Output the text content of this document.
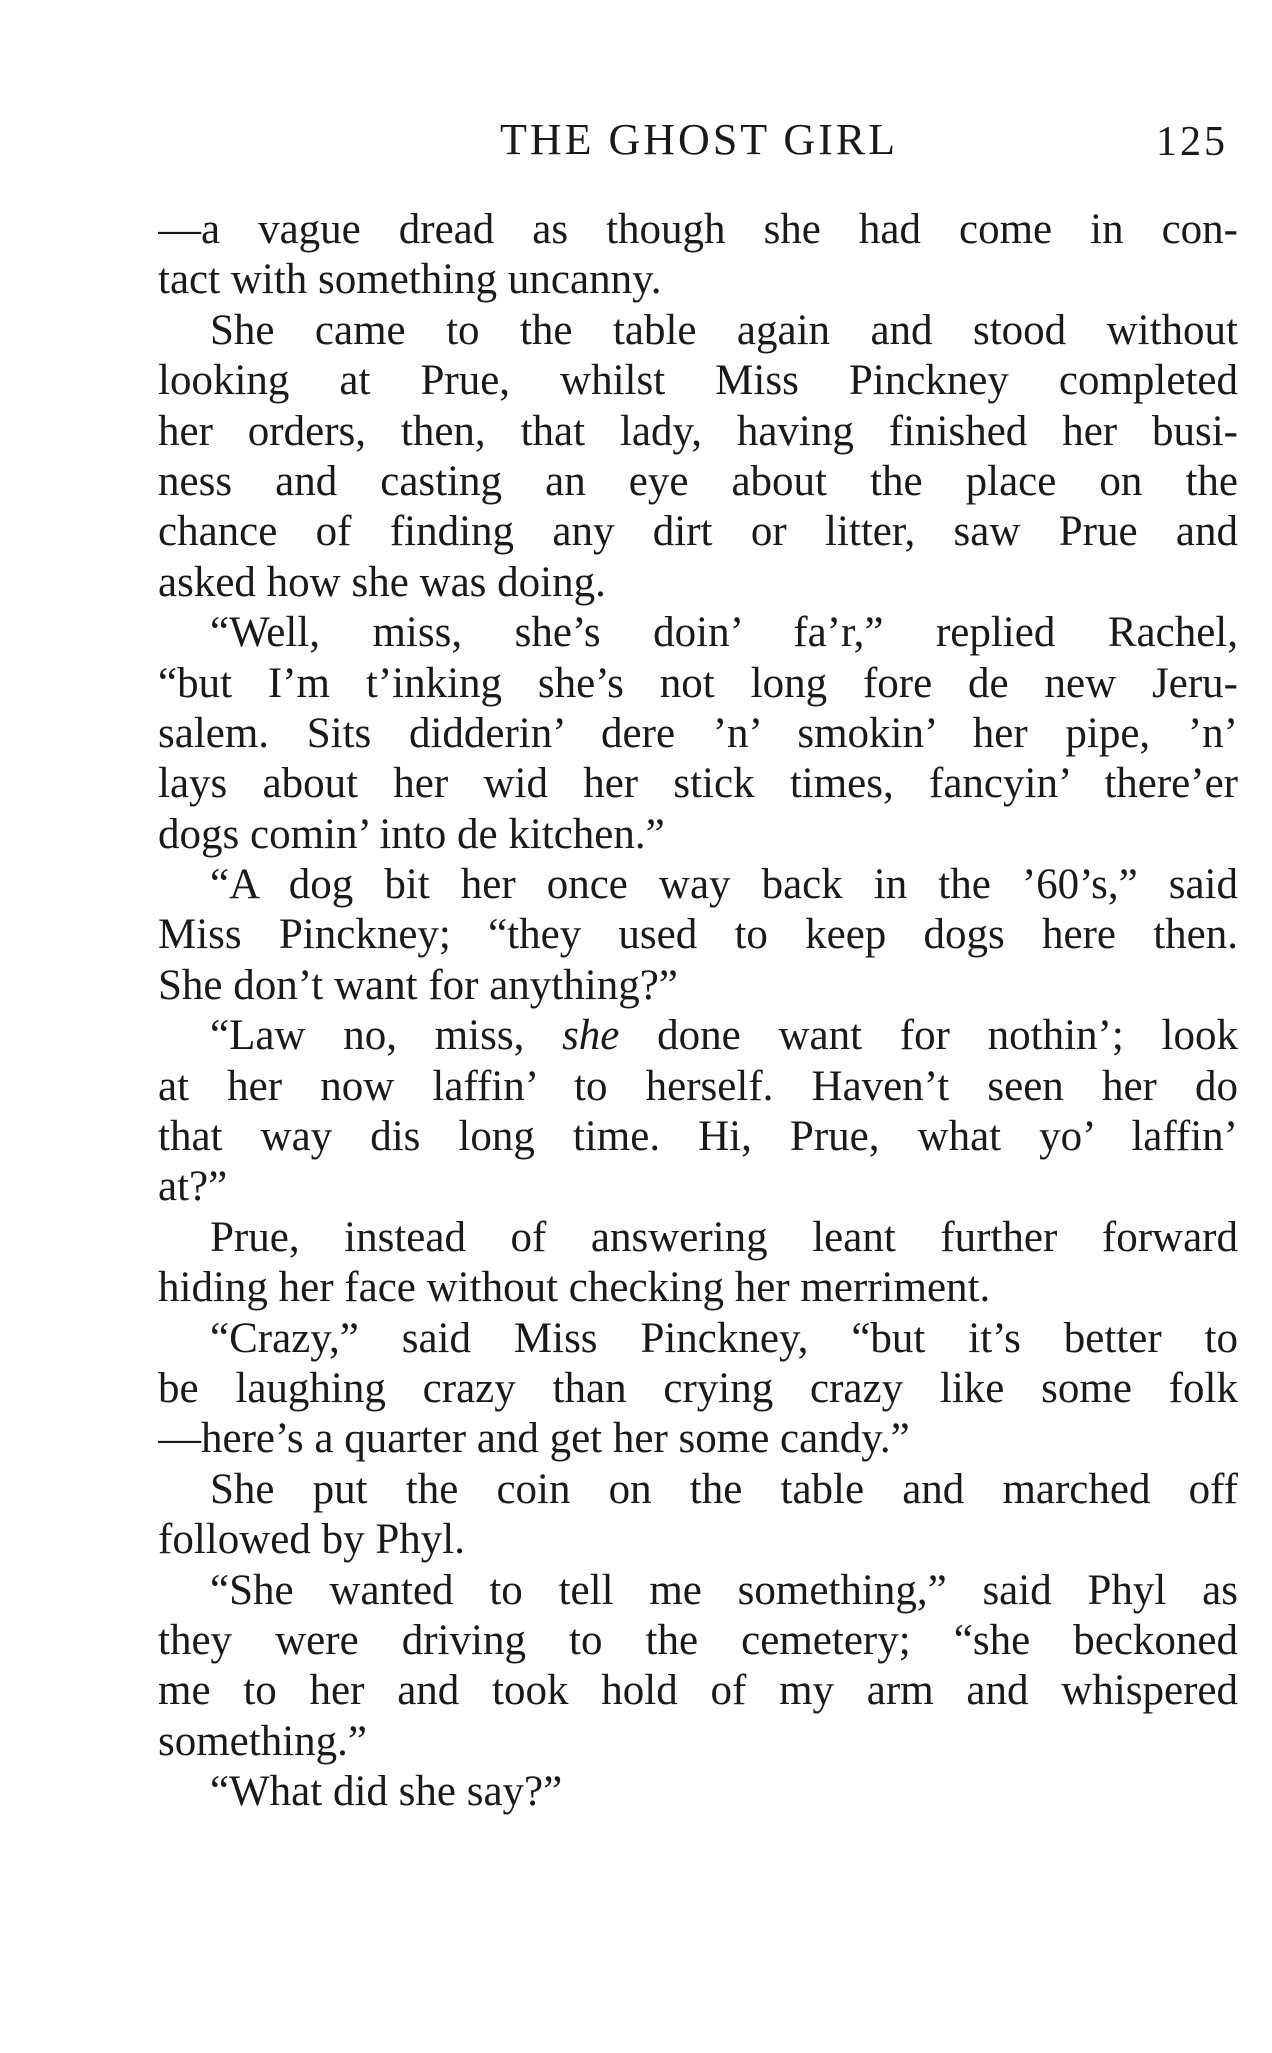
THE GHOST GIRL	125
—a vague dread as though she had come in con-
tact with something uncanny.
She came to the table again and stood without
looking at Prue, whilst Miss Pinckney completed
her orders, then, that lady, having finished her busi-
ness and casting an eye about the place on the
chance of finding any dirt or litter, saw Prue and
asked how she was doing.
“Well, miss, she’s doin’ fa’r,” replied Rachel,
“but I’m t’inking she’s not long fore de new Jeru-
salem. Sits didderin’ dere ’n’ smokin’ her pipe, ’n’
lays about her wid her stick times, fancyin’ there’er
dogs comin’ into de kitchen.”
“A dog bit her once way back in the ’60’s,” said
Miss Pinckney; “they used to keep dogs here then.
She don’t want for anything?”
“Law no, miss, she done want for nothin’; look
at her now laffin’ to herself. Haven’t seen her do
that way dis long time. Hi, Prue, what yo’ laffin’
at?”
Prue, instead of answering leant further forward
hiding her face without checking her merriment.
“Crazy,” said Miss Pinckney, “but it’s better to
be laughing crazy than crying crazy like some folk
—here’s a quarter and get her some candy.”
She put the coin on the table and marched off
followed by Phyl.
“She wanted to tell me something,” said Phyl as
they were driving to the cemetery; “she beckoned
me to her and took hold of my arm and whispered
something.”
“What did she say?”
